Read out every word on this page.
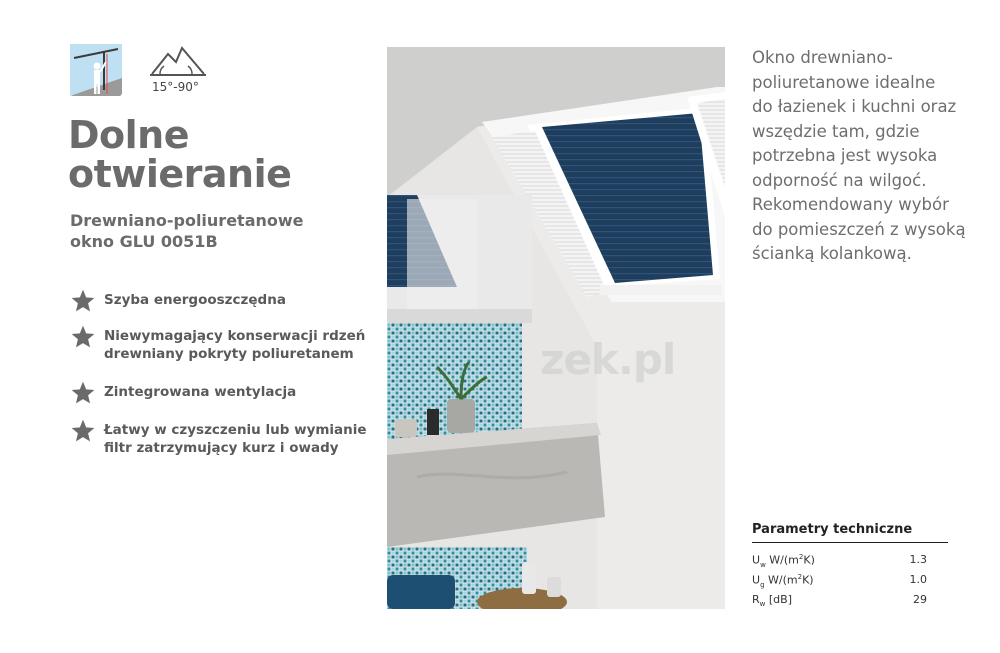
15°-90°
Dolne
otwieranie
Drewniano-poliuretanowe
okno GLU 0051B
Szyba energooszczędna
Niewymagający konserwacji rdzeń
drewniany pokryty poliuretanem
Zintegrowana wentylacja
Łatwy w czyszczeniu lub wymianie
filtr zatrzymujący kurz i owady
zek.pl
Okno drewniano-
poliuretanowe idealne
do łazienek i kuchni oraz
wszędzie tam, gdzie
potrzebna jest wysoka
odporność na wilgoć.
Rekomendowany wybór
do pomieszczeń z wysoką
ścianką kolankową.
Parametry techniczne
$U_w$ $W/(m^2K)$	1.3
$U_g$ $W/(m^2K)$	1.0
$R_w$ [dB]	29
